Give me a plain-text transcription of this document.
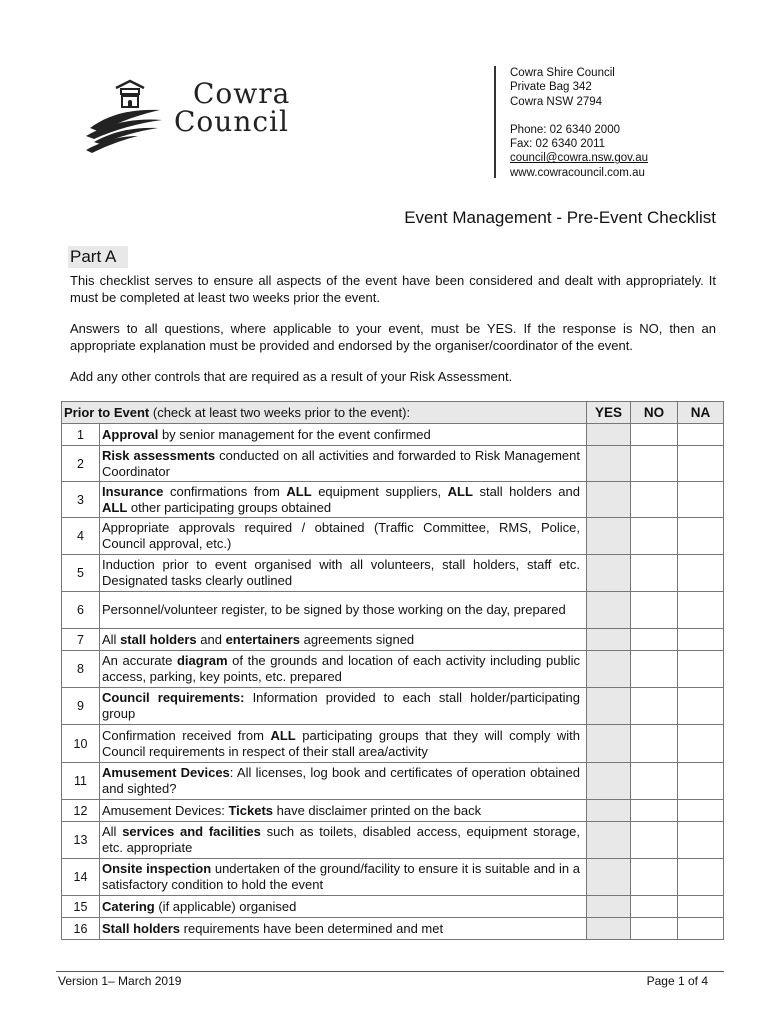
Cowra
Council
Cowra Shire Council
Private Bag 342
Cowra NSW 2794
Phone: 02 6340 2000
Fax: 02 6340 2011
council@cowra.nsw.gov.au
www.cowracouncil.com.au
Event Management - Pre-Event Checklist
Part A
This checklist serves to ensure all aspects of the event have been considered and dealt with appropriately. It must be completed at least two weeks prior the event.
Answers to all questions, where applicable to your event, must be YES. If the response is NO, then an appropriate explanation must be provided and endorsed by the organiser/coordinator of the event.
Add any other controls that are required as a result of your Risk Assessment.
Prior to Event (check at least two weeks prior to the event):		YES	NO	NA
1	Approval by senior management for the event confirmed			
2	Risk assessments conducted on all activities and forwarded to Risk Management Coordinator			
3	Insurance confirmations from ALL equipment suppliers, ALL stall holders and ALL other participating groups obtained			
4	Appropriate approvals required / obtained (Traffic Committee, RMS, Police, Council approval, etc.)			
5	Induction prior to event organised with all volunteers, stall holders, staff etc. Designated tasks clearly outlined			
6	Personnel/volunteer register, to be signed by those working on the day, prepared			
7	All stall holders and entertainers agreements signed			
8	An accurate diagram of the grounds and location of each activity including public access, parking, key points, etc. prepared			
9	Council requirements: Information provided to each stall holder/participating group			
10	Confirmation received from ALL participating groups that they will comply with Council requirements in respect of their stall area/activity			
11	Amusement Devices: All licenses, log book and certificates of operation obtained and sighted?			
12	Amusement Devices: Tickets have disclaimer printed on the back			
13	All services and facilities such as toilets, disabled access, equipment storage, etc. appropriate			
14	Onsite inspection undertaken of the ground/facility to ensure it is suitable and in a satisfactory condition to hold the event			
15	Catering (if applicable) organised			
16	Stall holders requirements have been determined and met			
Version 1– March 2019	Page 1 of 4
